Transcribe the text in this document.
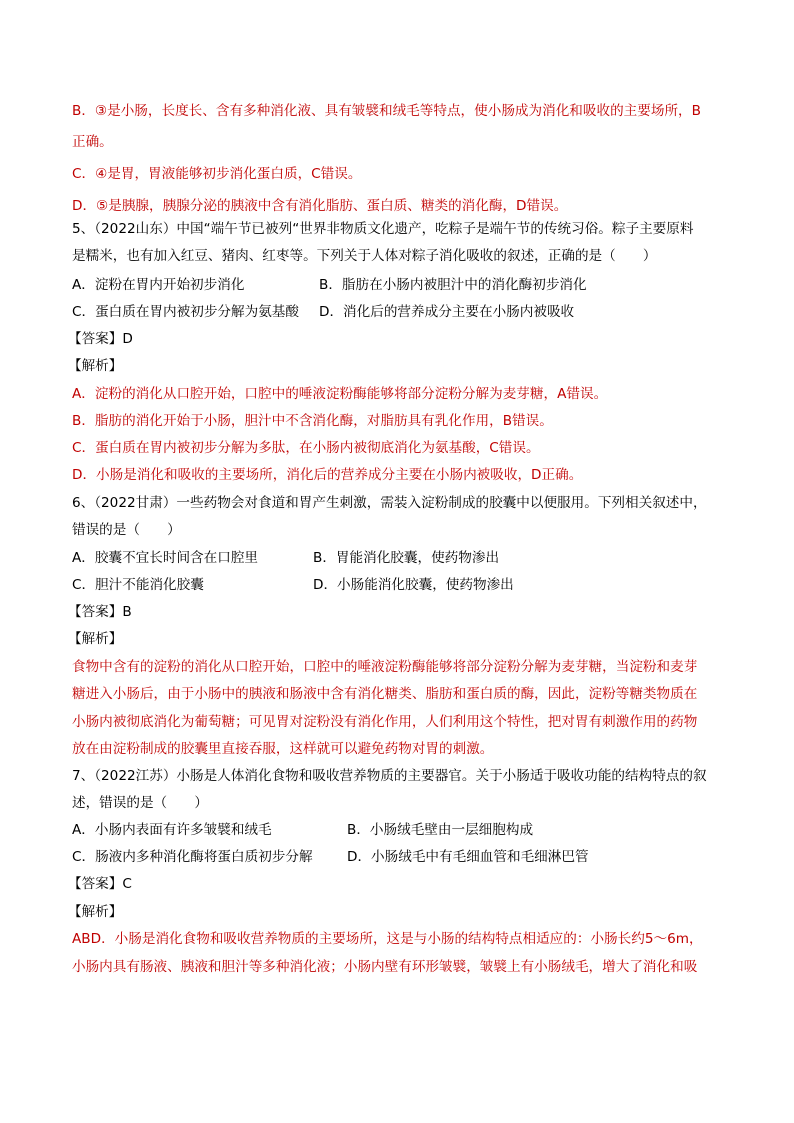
B．③是小肠，长度长、含有多种消化液、具有皱襞和绒毛等特点，使小肠成为消化和吸收的主要场所，B
正确。
C．④是胃，胃液能够初步消化蛋白质，C错误。
D．⑤是胰腺，胰腺分泌的胰液中含有消化脂肪、蛋白质、糖类的消化酶，D错误。
5、（2022山东）中国“端午节已被列“世界非物质文化遗产，吃粽子是端午节的传统习俗。粽子主要原料
是糯米，也有加入红豆、猪肉、红枣等。下列关于人体对粽子消化吸收的叙述，正确的是（　　）
A．淀粉在胃内开始初步消化	B．脂肪在小肠内被胆汁中的消化酶初步消化
C．蛋白质在胃内被初步分解为氨基酸 D．消化后的营养成分主要在小肠内被吸收
【答案】D
【解析】
A．淀粉的消化从口腔开始，口腔中的唾液淀粉酶能够将部分淀粉分解为麦芽糖，A错误。
B．脂肪的消化开始于小肠，胆汁中不含消化酶，对脂肪具有乳化作用，B错误。
C．蛋白质在胃内被初步分解为多肽，在小肠内被彻底消化为氨基酸，C错误。
D．小肠是消化和吸收的主要场所，消化后的营养成分主要在小肠内被吸收，D正确。
6、（2022甘肃）一些药物会对食道和胃产生刺激，需装入淀粉制成的胶囊中以便服用。下列相关叙述中，
错误的是（　　）
A．胶囊不宜长时间含在口腔里	B．胃能消化胶囊，使药物渗出
C．胆汁不能消化胶囊	D．小肠能消化胶囊，使药物渗出
【答案】B
【解析】
食物中含有的淀粉的消化从口腔开始，口腔中的唾液淀粉酶能够将部分淀粉分解为麦芽糖，当淀粉和麦芽
糖进入小肠后，由于小肠中的胰液和肠液中含有消化糖类、脂肪和蛋白质的酶，因此，淀粉等糖类物质在
小肠内被彻底消化为葡萄糖；可见胃对淀粉没有消化作用，人们利用这个特性，把对胃有刺激作用的药物
放在由淀粉制成的胶囊里直接吞服，这样就可以避免药物对胃的刺激。
7、（2022江苏）小肠是人体消化食物和吸收营养物质的主要器官。关于小肠适于吸收功能的结构特点的叙
述，错误的是（　　）
A．小肠内表面有许多皱襞和绒毛	B．小肠绒毛壁由一层细胞构成
C．肠液内多种消化酶将蛋白质初步分解	D．小肠绒毛中有毛细血管和毛细淋巴管
【答案】C
【解析】
ABD．小肠是消化食物和吸收营养物质的主要场所，这是与小肠的结构特点相适应的：小肠长约5～6m，
小肠内具有肠液、胰液和胆汁等多种消化液；小肠内壁有环形皱襞，皱襞上有小肠绒毛，增大了消化和吸
